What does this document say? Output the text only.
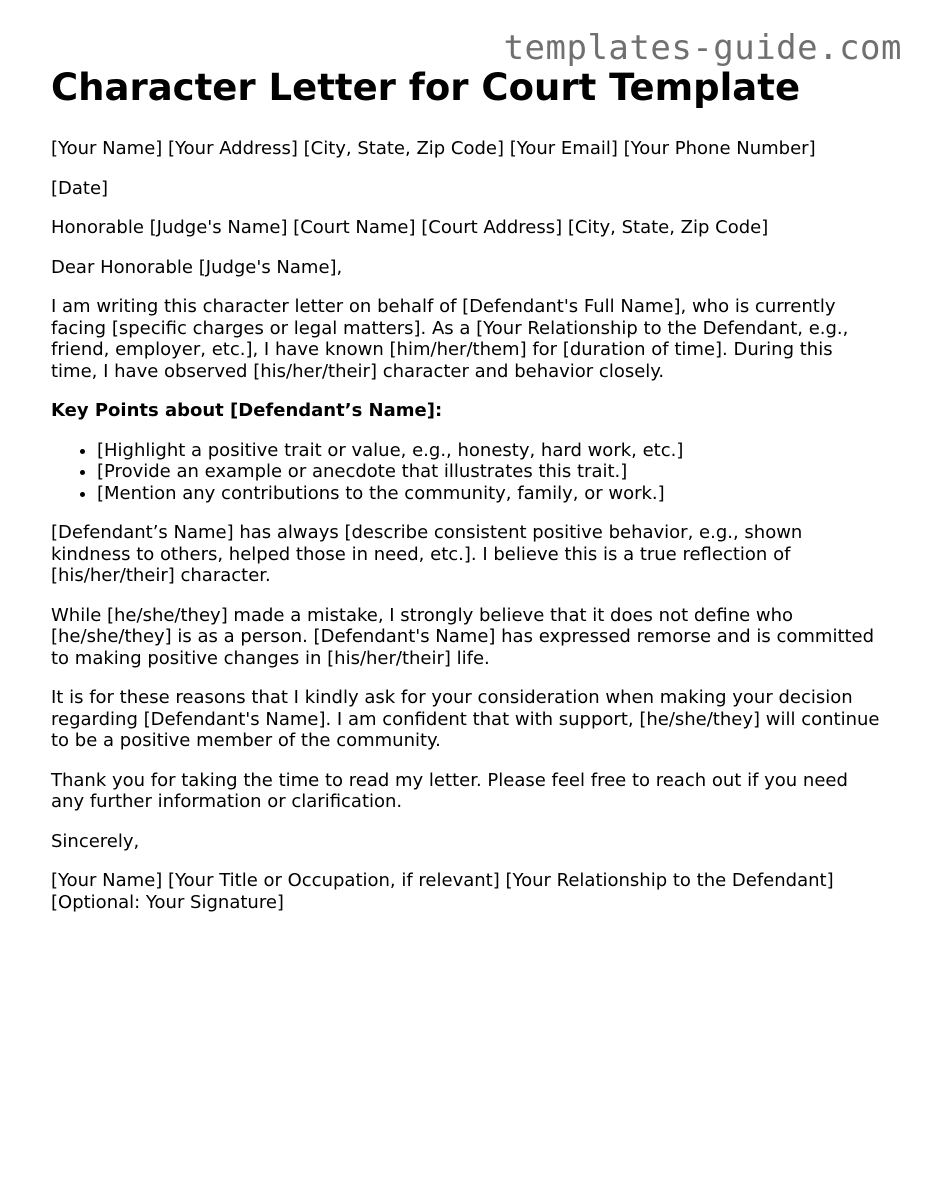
templates-guide.com
Character Letter for Court Template

[Your Name] [Your Address] [City, State, Zip Code] [Your Email] [Your Phone Number]

[Date]

Honorable [Judge's Name] [Court Name] [Court Address] [City, State, Zip Code]

Dear Honorable [Judge's Name],

I am writing this character letter on behalf of [Defendant's Full Name], who is currently facing [specific charges or legal matters]. As a [Your Relationship to the Defendant, e.g., friend, employer, etc.], I have known [him/her/them] for [duration of time]. During this time, I have observed [his/her/their] character and behavior closely.

Key Points about [Defendant’s Name]:

• [Highlight a positive trait or value, e.g., honesty, hard work, etc.]
• [Provide an example or anecdote that illustrates this trait.]
• [Mention any contributions to the community, family, or work.]

[Defendant’s Name] has always [describe consistent positive behavior, e.g., shown kindness to others, helped those in need, etc.]. I believe this is a true reflection of [his/her/their] character.

While [he/she/they] made a mistake, I strongly believe that it does not define who [he/she/they] is as a person. [Defendant's Name] has expressed remorse and is committed to making positive changes in [his/her/their] life.

It is for these reasons that I kindly ask for your consideration when making your decision regarding [Defendant's Name]. I am confident that with support, [he/she/they] will continue to be a positive member of the community.

Thank you for taking the time to read my letter. Please feel free to reach out if you need any further information or clarification.

Sincerely,

[Your Name] [Your Title or Occupation, if relevant] [Your Relationship to the Defendant] [Optional: Your Signature]
